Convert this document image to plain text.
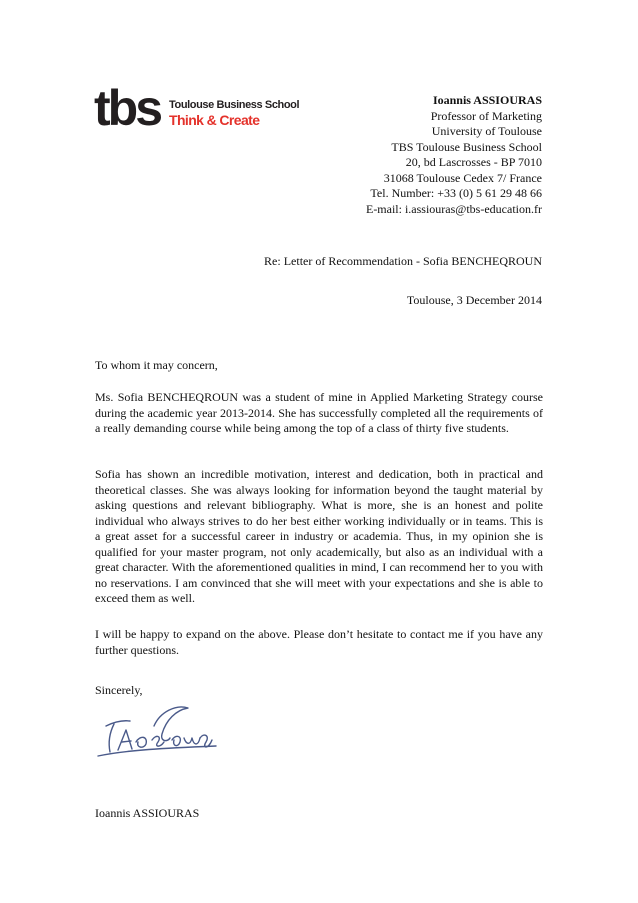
tbs Toulouse Business School
Think & Create
Ioannis ASSIOURAS
Professor of Marketing
University of Toulouse
TBS Toulouse Business School
20, bd Lascrosses - BP 7010
31068 Toulouse Cedex 7/ France
Tel. Number: +33 (0) 5 61 29 48 66
E-mail: i.assiouras@tbs-education.fr
Re: Letter of Recommendation - Sofia BENCHEQROUN
Toulouse, 3 December 2014

To whom it may concern,

Ms. Sofia BENCHEQROUN was a student of mine in Applied Marketing Strategy course during the academic year 2013-2014. She has successfully completed all the requirements of a really demanding course while being among the top of a class of thirty five students.

Sofia has shown an incredible motivation, interest and dedication, both in practical and theoretical classes. She was always looking for information beyond the taught material by asking questions and relevant bibliography. What is more, she is an honest and polite individual who always strives to do her best either working individually or in teams. This is a great asset for a successful career in industry or academia. Thus, in my opinion she is qualified for your master program, not only academically, but also as an individual with a great character. With the aforementioned qualities in mind, I can recommend her to you with no reservations. I am convinced that she will meet with your expectations and she is able to exceed them as well.

I will be happy to expand on the above. Please don’t hesitate to contact me if you have any further questions.

Sincerely,

Ioannis ASSIOURAS
